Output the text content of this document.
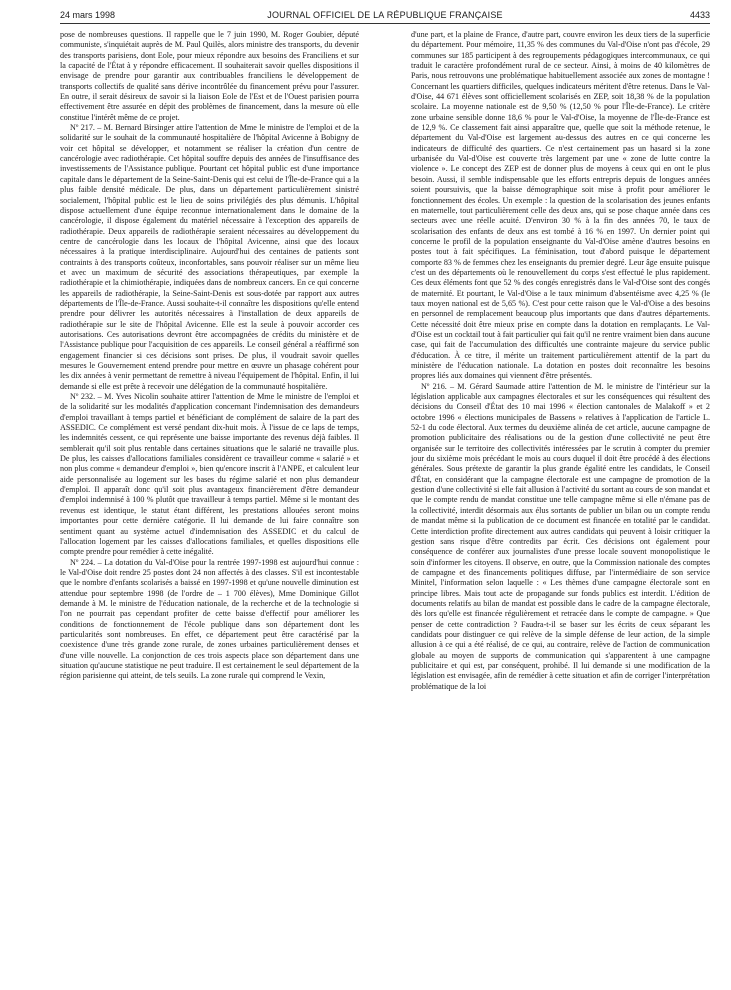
24 mars 1998	JOURNAL OFFICIEL DE LA RÉPUBLIQUE FRANÇAISE	4433

pose de nombreuses questions. Il rappelle que le 7 juin 1990, M. Roger Goubier, député communiste, s'inquiétait auprès de M. Paul Quilès, alors ministre des transports, du devenir des transports parisiens, dont Eole, pour mieux répondre aux besoins des Franciliens et sur la capacité de l'État à y répondre efficacement. Il souhaiterait savoir quelles dispositions il envisage de prendre pour garantir aux contribuables franciliens le développement de transports collectifs de qualité sans dérive incontrôlée du financement prévu pour l'assurer. En outre, il serait désireux de savoir si la liaison Eole de l'Est et de l'Ouest parisien pourra effectivement être assurée en dépit des problèmes de financement, dans la mesure où elle constitue l'intérêt même de ce projet.

Nº 217. – M. Bernard Birsinger attire l'attention de Mme le ministre de l'emploi et de la solidarité sur le souhait de la communauté hospitalière de l'hôpital Avicenne à Bobigny de voir cet hôpital se développer, et notamment se réaliser la création d'un centre de cancérologie avec radiothérapie. Cet hôpital souffre depuis des années de l'insuffisance des investissements de l'Assistance publique. Pourtant cet hôpital public est d'une importance capitale dans le département de la Seine-Saint-Denis qui est celui de l'Île-de-France qui a la plus faible densité médicale. De plus, dans un département particulièrement sinistré socialement, l'hôpital public est le lieu de soins privilégiés des plus démunis. L'hôpital dispose actuellement d'une équipe reconnue internationalement dans le domaine de la cancérologie, il dispose également du matériel nécessaire à l'exception des appareils de radiothérapie. Deux appareils de radiothérapie seraient nécessaires au développement du centre de cancérologie dans les locaux de l'hôpital Avicenne, ainsi que des locaux nécessaires à la pratique interdisciplinaire. Aujourd'hui des centaines de patients sont contraints à des transports coûteux, inconfortables, sans pouvoir réaliser sur un même lieu et avec un maximum de sécurité des associations thérapeutiques, par exemple la radiothérapie et la chimiothérapie, indiquées dans de nombreux cancers. En ce qui concerne les appareils de radiothérapie, la Seine-Saint-Denis est sous-dotée par rapport aux autres départements de l'Île-de-France. Aussi souhaite-t-il connaître les dispositions qu'elle entend prendre pour délivrer les autorités nécessaires à l'installation de deux appareils de radiothérapie sur le site de l'hôpital Avicenne. Elle est la seule à pouvoir accorder ces autorisations. Ces autorisations devront être accompagnées de crédits du ministère et de l'Assistance publique pour l'acquisition de ces appareils. Le conseil général a réaffirmé son engagement financier si ces décisions sont prises. De plus, il voudrait savoir quelles mesures le Gouvernement entend prendre pour mettre en œuvre un phasage cohérent pour les dix années à venir permettant de remettre à niveau l'équipement de l'hôpital. Enfin, il lui demande si elle est prête à recevoir une délégation de la communauté hospitalière.

Nº 232. – M. Yves Nicolin souhaite attirer l'attention de Mme le ministre de l'emploi et de la solidarité sur les modalités d'application concernant l'indemnisation des demandeurs d'emploi travaillant à temps partiel et bénéficiant de complément de salaire de la part des ASSEDIC. Ce complément est versé pendant dix-huit mois. À l'issue de ce laps de temps, les indemnités cessent, ce qui représente une baisse importante des revenus déjà faibles. Il semblerait qu'il soit plus rentable dans certaines situations que le salarié ne travaille plus. De plus, les caisses d'allocations familiales considèrent ce travailleur comme « salarié » et non plus comme « demandeur d'emploi », bien qu'encore inscrit à l'ANPE, et calculent leur aide personnalisée au logement sur les bases du régime salarié et non plus demandeur d'emploi. Il apparaît donc qu'il soit plus avantageux financièrement d'être demandeur d'emploi indemnisé à 100 % plutôt que travailleur à temps partiel. Même si le montant des revenus est identique, le statut étant différent, les prestations allouées seront moins importantes pour cette dernière catégorie. Il lui demande de lui faire connaître son sentiment quant au système actuel d'indemnisation des ASSEDIC et du calcul de l'allocation logement par les caisses d'allocations familiales, et quelles dispositions elle compte prendre pour remédier à cette inégalité.

Nº 224. – La dotation du Val-d'Oise pour la rentrée 1997-1998 est aujourd'hui connue : le Val-d'Oise doit rendre 25 postes dont 24 non affectés à des classes. S'il est incontestable que le nombre d'enfants scolarisés a baissé en 1997-1998 et qu'une nouvelle diminution est attendue pour septembre 1998 (de l'ordre de – 1 700 élèves), Mme Dominique Gillot demande à M. le ministre de l'éducation nationale, de la recherche et de la technologie si l'on ne pourrait pas cependant profiter de cette baisse d'effectif pour améliorer les conditions de fonctionnement de l'école publique dans son département dont les particularités sont nombreuses. En effet, ce département peut être caractérisé par la coexistence d'une très grande zone rurale, de zones urbaines particulièrement denses et d'une ville nouvelle. La conjonction de ces trois aspects place son département dans une situation qu'aucune statistique ne peut traduire. Il est certainement le seul département de la région parisienne qui atteint, de tels seuils. La zone rurale qui comprend le Vexin,

d'une part, et la plaine de France, d'autre part, couvre environ les deux tiers de la superficie du département. Pour mémoire, 11,35 % des communes du Val-d'Oise n'ont pas d'école, 29 communes sur 185 participent à des regroupements pédagogiques intercommunaux, ce qui traduit le caractère profondément rural de ce secteur. Ainsi, à moins de 40 kilomètres de Paris, nous retrouvons une problématique habituellement associée aux zones de montagne ! Concernant les quartiers difficiles, quelques indicateurs méritent d'être retenus. Dans le Val-d'Oise, 44 671 élèves sont officiellement scolarisés en ZEP, soit 18,38 % de la population scolaire. La moyenne nationale est de 9,50 % (12,50 % pour l'Île-de-France). Le critère zone urbaine sensible donne 18,6 % pour le Val-d'Oise, la moyenne de l'Île-de-France est de 12,9 %. Ce classement fait ainsi apparaître que, quelle que soit la méthode retenue, le département du Val-d'Oise est largement au-dessus des autres en ce qui concerne les indicateurs de difficulté des quartiers. Ce n'est certainement pas un hasard si la zone urbanisée du Val-d'Oise est couverte très largement par une « zone de lutte contre la violence ». Le concept des ZEP est de donner plus de moyens à ceux qui en ont le plus besoin. Aussi, il semble indispensable que les efforts entrepris depuis de longues années soient poursuivis, que la baisse démographique soit mise à profit pour améliorer le fonctionnement des écoles. Un exemple : la question de la scolarisation des jeunes enfants en maternelle, tout particulièrement celle des deux ans, qui se pose chaque année dans ces secteurs avec une réelle acuité. D'environ 30 % à la fin des années 70, le taux de scolarisation des enfants de deux ans est tombé à 16 % en 1997. Un dernier point qui concerne le profil de la population enseignante du Val-d'Oise amène d'autres besoins en postes tout à fait spécifiques. La féminisation, tout d'abord puisque le département comporte 83 % de femmes chez les enseignants du premier degré. Leur âge ensuite puisque c'est un des départements où le renouvellement du corps s'est effectué le plus rapidement. Ces deux éléments font que 52 % des congés enregistrés dans le Val-d'Oise sont des congés de maternité. Et pourtant, le Val-d'Oise a le taux minimum d'absentéisme avec 4,25 % (le taux moyen national est de 5,65 %). C'est pour cette raison que le Val-d'Oise a des besoins en personnel de remplacement beaucoup plus importants que dans d'autres départements. Cette nécessité doit être mieux prise en compte dans la dotation en remplaçants. Le Val-d'Oise est un cocktail tout à fait particulier qui fait qu'il ne rentre vraiment bien dans aucune case, qui fait de l'accumulation des difficultés une contrainte majeure du service public d'éducation. À ce titre, il mérite un traitement particulièrement attentif de la part du ministère de l'éducation nationale. La dotation en postes doit reconnaître les besoins propres liés aux domaines qui viennent d'être présentés.

Nº 216. – M. Gérard Saumade attire l'attention de M. le ministre de l'intérieur sur la législation applicable aux campagnes électorales et sur les conséquences qui résultent des décisions du Conseil d'État des 10 mai 1996 « élection cantonales de Malakoff » et 2 octobre 1996 « élections municipales de Bassens » relatives à l'application de l'article L. 52-1 du code électoral. Aux termes du deuxième alinéa de cet article, aucune campagne de promotion publicitaire des réalisations ou de la gestion d'une collectivité ne peut être organisée sur le territoire des collectivités intéressées par le scrutin à compter du premier jour du sixième mois précédant le mois au cours duquel il doit être procédé à des élections générales. Sous prétexte de garantir la plus grande égalité entre les candidats, le Conseil d'État, en considérant que la campagne électorale est une campagne de promotion de la gestion d'une collectivité si elle fait allusion à l'activité du sortant au cours de son mandat et que le compte rendu de mandat constitue une telle campagne même si elle n'émane pas de la collectivité, interdit désormais aux élus sortants de publier un bilan ou un compte rendu de mandat même si la publication de ce document est financée en totalité par le candidat. Cette interdiction profite directement aux autres candidats qui peuvent à loisir critiquer la gestion sans risque d'être contredits par écrit. Ces décisions ont également pour conséquence de conférer aux journalistes d'une presse locale souvent monopolistique le soin d'informer les citoyens. Il observe, en outre, que la Commission nationale des comptes de campagne et des financements politiques diffuse, par l'intermédiaire de son service Minitel, l'information selon laquelle : « Les thèmes d'une campagne électorale sont en principe libres. Mais tout acte de propagande sur fonds publics est interdit. L'édition de documents relatifs au bilan de mandat est possible dans le cadre de la campagne électorale, dès lors qu'elle est financée régulièrement et retracée dans le compte de campagne. » Que penser de cette contradiction ? Faudra-t-il se baser sur les écrits de ceux séparant les candidats pour distinguer ce qui relève de la simple défense de leur action, de la simple allusion à ce qui a été réalisé, de ce qui, au contraire, relève de l'action de communication globale au moyen de supports de communication qui s'apparentent à une campagne publicitaire et qui est, par conséquent, prohibé. Il lui demande si une modification de la législation est envisagée, afin de remédier à cette situation et afin de corriger l'interprétation problématique de la loi
